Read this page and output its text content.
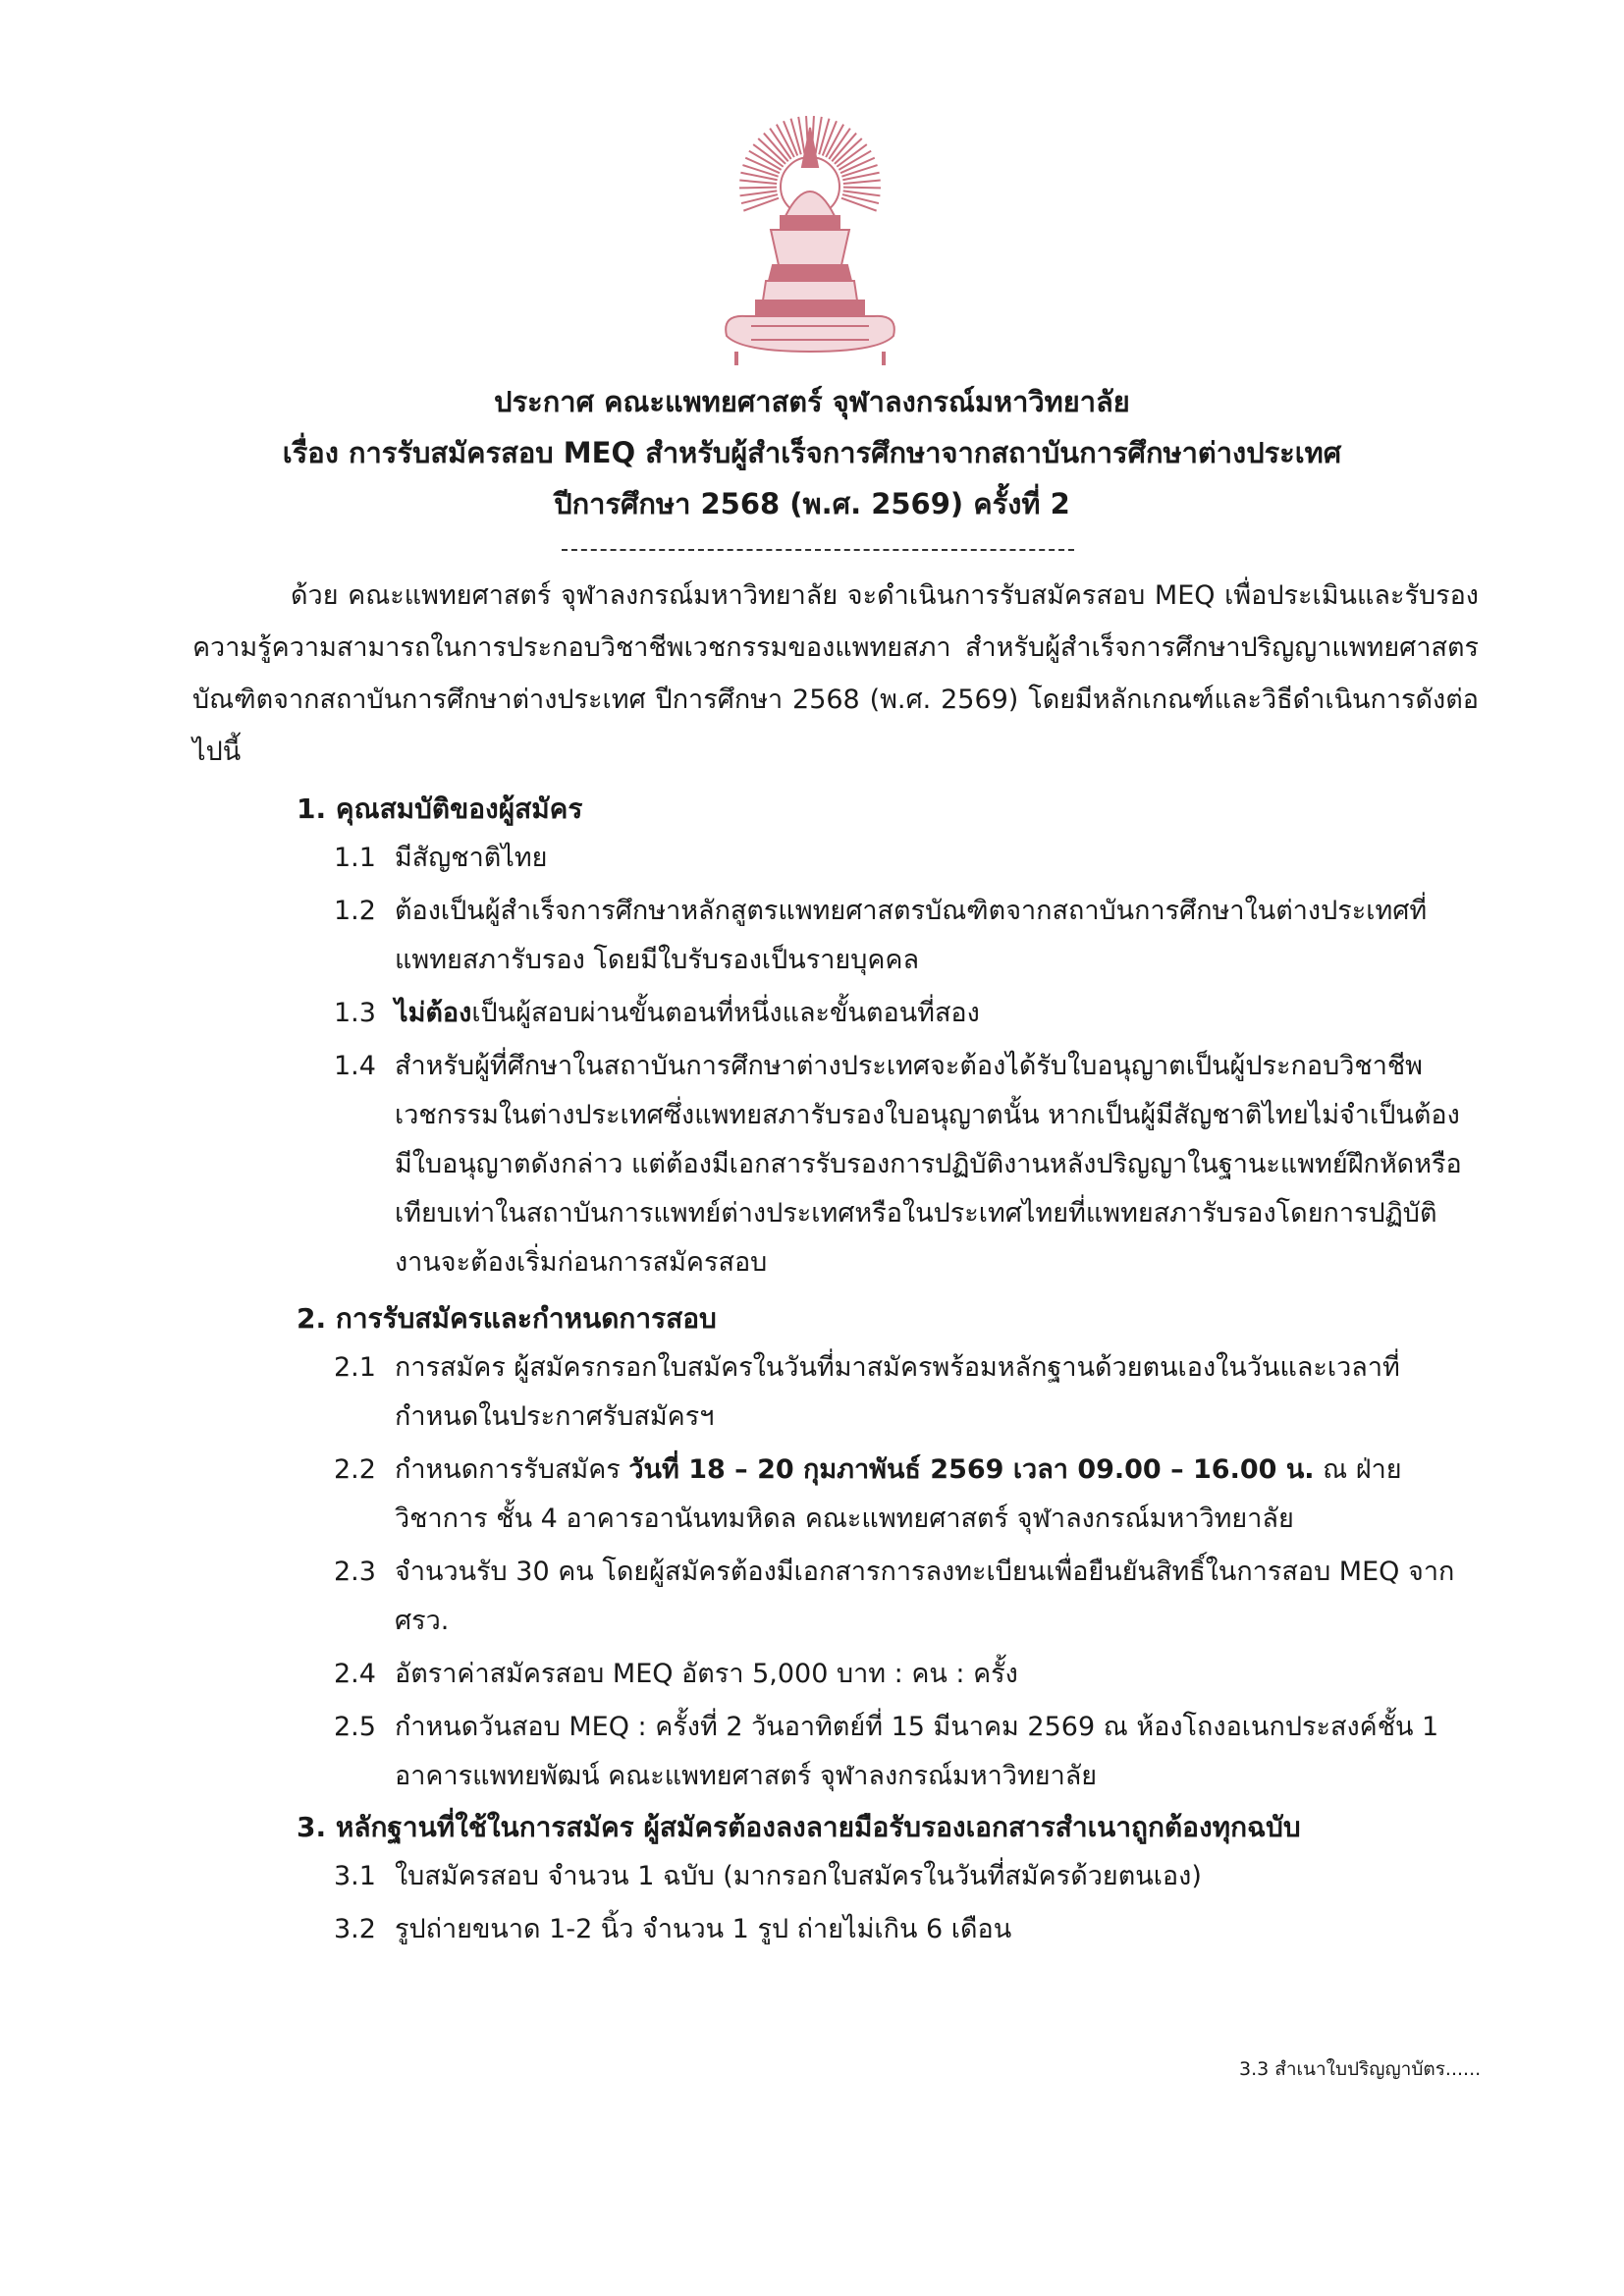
ประกาศ คณะแพทยศาสตร์ จุฬาลงกรณ์มหาวิทยาลัย
เรื่อง การรับสมัครสอบ MEQ สำหรับผู้สำเร็จการศึกษาจากสถาบันการศึกษาต่างประเทศ
ปีการศึกษา 2568 (พ.ศ. 2569) ครั้งที่ 2
ด้วย คณะแพทยศาสตร์ จุฬาลงกรณ์มหาวิทยาลัย จะดำเนินการรับสมัครสอบ MEQ เพื่อประเมินและรับรองความรู้ความสามารถในการประกอบวิชาชีพเวชกรรมของแพทยสภา สำหรับผู้สำเร็จการศึกษาปริญญาแพทยศาสตรบัณฑิตจากสถาบันการศึกษาต่างประเทศ ปีการศึกษา 2568 (พ.ศ. 2569) โดยมีหลักเกณฑ์และวิธีดำเนินการดังต่อไปนี้
1. คุณสมบัติของผู้สมัคร
1.1 มีสัญชาติไทย
1.2 ต้องเป็นผู้สำเร็จการศึกษาหลักสูตรแพทยศาสตรบัณฑิตจากสถาบันการศึกษาในต่างประเทศที่แพทยสภารับรอง โดยมีใบรับรองเป็นรายบุคคล
1.3 ไม่ต้องเป็นผู้สอบผ่านขั้นตอนที่หนึ่งและขั้นตอนที่สอง
1.4 สำหรับผู้ที่ศึกษาในสถาบันการศึกษาต่างประเทศจะต้องได้รับใบอนุญาตเป็นผู้ประกอบวิชาชีพเวชกรรมในต่างประเทศซึ่งแพทยสภารับรองใบอนุญาตนั้น หากเป็นผู้มีสัญชาติไทยไม่จำเป็นต้องมีใบอนุญาตดังกล่าว แต่ต้องมีเอกสารรับรองการปฏิบัติงานหลังปริญญาในฐานะแพทย์ฝึกหัดหรือเทียบเท่าในสถาบันการแพทย์ต่างประเทศหรือในประเทศไทยที่แพทยสภารับรองโดยการปฏิบัติงานจะต้องเริ่มก่อนการสมัครสอบ
2. การรับสมัครและกำหนดการสอบ
2.1 การสมัคร ผู้สมัครกรอกใบสมัครในวันที่มาสมัครพร้อมหลักฐานด้วยตนเองในวันและเวลาที่กำหนดในประกาศรับสมัครฯ
2.2 กำหนดการรับสมัคร วันที่ 18 – 20 กุมภาพันธ์ 2569 เวลา 09.00 – 16.00 น. ณ ฝ่ายวิชาการ ชั้น 4 อาคารอานันทมหิดล คณะแพทยศาสตร์ จุฬาลงกรณ์มหาวิทยาลัย
2.3 จำนวนรับ 30 คน โดยผู้สมัครต้องมีเอกสารการลงทะเบียนเพื่อยืนยันสิทธิ์ในการสอบ MEQ จาก ศรว.
2.4 อัตราค่าสมัครสอบ MEQ อัตรา 5,000 บาท : คน : ครั้ง
2.5 กำหนดวันสอบ MEQ : ครั้งที่ 2 วันอาทิตย์ที่ 15 มีนาคม 2569 ณ ห้องโถงอเนกประสงค์ชั้น 1 อาคารแพทยพัฒน์ คณะแพทยศาสตร์ จุฬาลงกรณ์มหาวิทยาลัย
3. หลักฐานที่ใช้ในการสมัคร ผู้สมัครต้องลงลายมือรับรองเอกสารสำเนาถูกต้องทุกฉบับ
3.1 ใบสมัครสอบ จำนวน 1 ฉบับ (มากรอกใบสมัครในวันที่สมัครด้วยตนเอง)
3.2 รูปถ่ายขนาด 1-2 นิ้ว จำนวน 1 รูป ถ่ายไม่เกิน 6 เดือน
3.3 สำเนาใบปริญญาบัตร......
